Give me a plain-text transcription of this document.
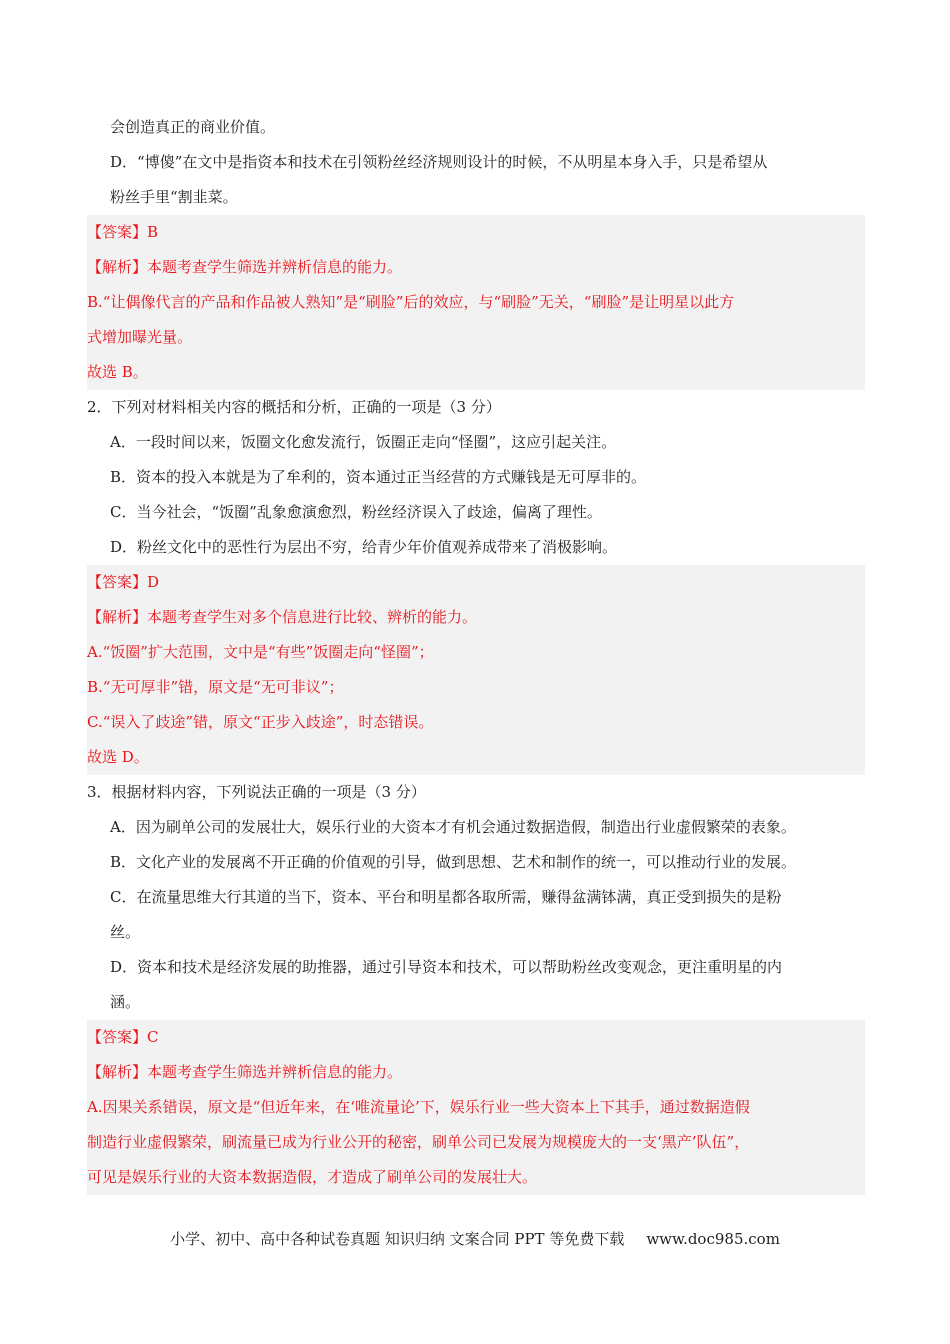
会创造真正的商业价值。

D．“博傻”在文中是指资本和技术在引领粉丝经济规则设计的时候，不从明星本身入手，只是希望从

粉丝手里“割韭菜。

【答案】B

【解析】本题考查学生筛选并辨析信息的能力。

B.“让偶像代言的产品和作品被人熟知”是“刷脸”后的效应，与“刷脸”无关，“刷脸”是让明星以此方

式增加曝光量。

故选 B。

2．下列对材料相关内容的概括和分析，正确的一项是（3 分）

A．一段时间以来，饭圈文化愈发流行，饭圈正走向“怪圈”，这应引起关注。

B．资本的投入本就是为了牟利的，资本通过正当经营的方式赚钱是无可厚非的。

C．当今社会，“饭圈”乱象愈演愈烈，粉丝经济误入了歧途，偏离了理性。

D．粉丝文化中的恶性行为层出不穷，给青少年价值观养成带来了消极影响。

【答案】D

【解析】本题考查学生对多个信息进行比较、辨析的能力。

A.“饭圈”扩大范围，文中是“有些”饭圈走向“怪圈”；

B.“无可厚非”错，原文是“无可非议”；

C.“误入了歧途”错，原文“正步入歧途”，时态错误。

故选 D。

3．根据材料内容，下列说法正确的一项是（3 分）

A．因为刷单公司的发展壮大，娱乐行业的大资本才有机会通过数据造假，制造出行业虚假繁荣的表象。

B．文化产业的发展离不开正确的价值观的引导，做到思想、艺术和制作的统一，可以推动行业的发展。

C．在流量思维大行其道的当下，资本、平台和明星都各取所需，赚得盆满钵满，真正受到损失的是粉

丝。

D．资本和技术是经济发展的助推器，通过引导资本和技术，可以帮助粉丝改变观念，更注重明星的内

涵。

【答案】C

【解析】本题考查学生筛选并辨析信息的能力。

A.因果关系错误，原文是“但近年来，在‘唯流量论’下，娱乐行业一些大资本上下其手，通过数据造假

制造行业虚假繁荣，刷流量已成为行业公开的秘密，刷单公司已发展为规模庞大的一支‘黑产’队伍”，

可见是娱乐行业的大资本数据造假，才造成了刷单公司的发展壮大。

小学、初中、高中各种试卷真题 知识归纳 文案合同 PPT 等免费下载 www.doc985.com
